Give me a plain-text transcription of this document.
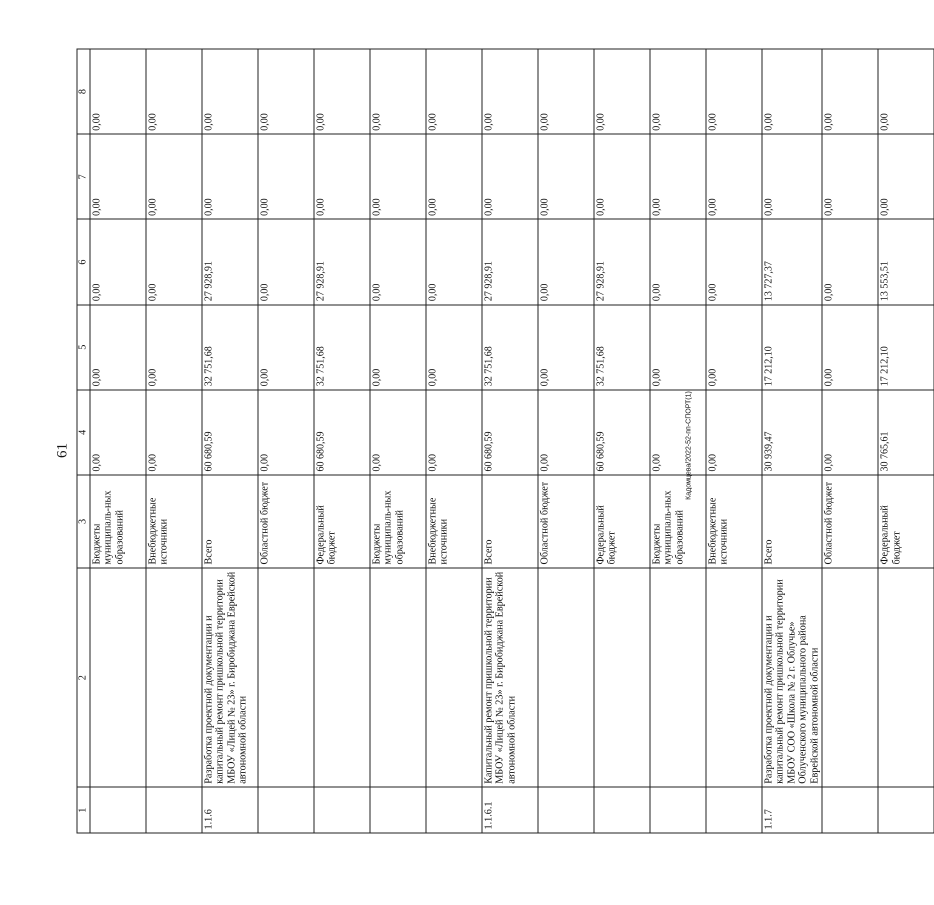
61	Кадомцева/2022-52-пп-СПОРТ(1)
1	2	3	4	5	6	7	8
		Бюджеты муниципаль-ных образований	0,00	0,00	0,00	0,00	0,00
		Внебюджетные источники	0,00	0,00	0,00	0,00	0,00
1.1.6	Разработка проектной документации и капитальный ремонт пришкольной территории МБОУ «Лицей № 23» г. Биробиджана Еврейской автономной области	Всего	60 680,59	32 751,68	27 928,91	0,00	0,00
		Областной бюджет	0,00	0,00	0,00	0,00	0,00
		Федеральный бюджет	60 680,59	32 751,68	27 928,91	0,00	0,00
		Бюджеты муниципаль-ных образований	0,00	0,00	0,00	0,00	0,00
		Внебюджетные источники	0,00	0,00	0,00	0,00	0,00
1.1.6.1	Капитальный ремонт пришкольной территории МБОУ «Лицей № 23» г. Биробиджана Еврейской автономной области	Всего	60 680,59	32 751,68	27 928,91	0,00	0,00
		Областной бюджет	0,00	0,00	0,00	0,00	0,00
		Федеральный бюджет	60 680,59	32 751,68	27 928,91	0,00	0,00
		Бюджеты муниципаль-ных образований	0,00	0,00	0,00	0,00	0,00
		Внебюджетные источники	0,00	0,00	0,00	0,00	0,00
1.1.7	Разработка проектной документации и капитальный ремонт пришкольной территории МБОУ СОО «Школа № 2 г. Облучье» Облученского муниципального района Еврейской автономной области	Всего	30 939,47	17 212,10	13 727,37	0,00	0,00
		Областной бюджет	0,00	0,00	0,00	0,00	0,00
		Федеральный бюджет	30 765,61	17 212,10	13 553,51	0,00	0,00
